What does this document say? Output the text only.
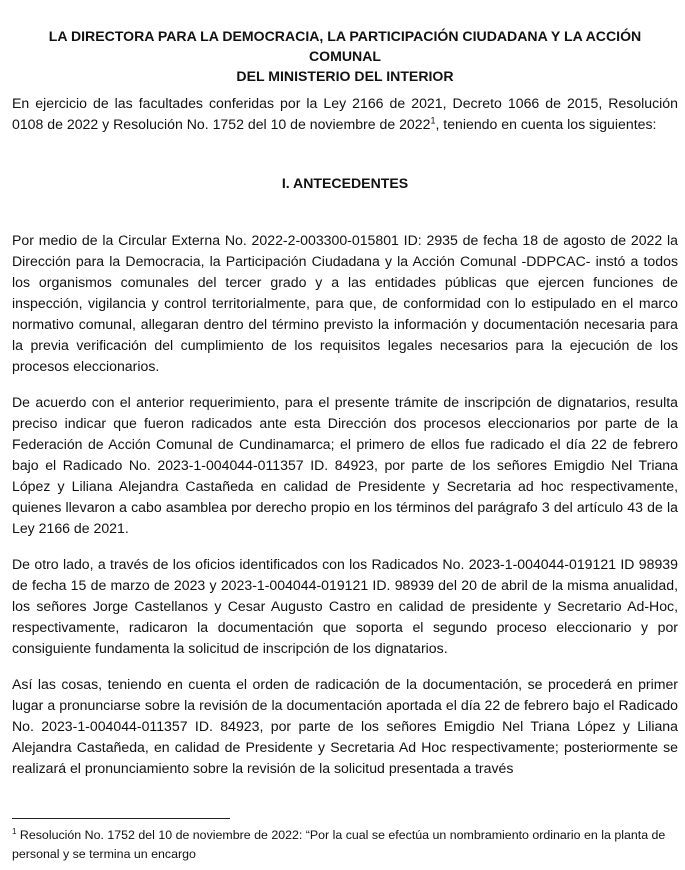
LA DIRECTORA PARA LA DEMOCRACIA, LA PARTICIPACIÓN CIUDADANA Y LA ACCIÓN COMUNAL

DEL MINISTERIO DEL INTERIOR

En ejercicio de las facultades conferidas por la Ley 2166 de 2021, Decreto 1066 de 2015, Resolución 0108 de 2022 y Resolución No. 1752 del 10 de noviembre de 2022$^1$, teniendo en cuenta los siguientes:

I. ANTECEDENTES

Por medio de la Circular Externa No. 2022-2-003300-015801 ID: 2935 de fecha 18 de agosto de 2022 la Dirección para la Democracia, la Participación Ciudadana y la Acción Comunal -DDPCAC- instó a todos los organismos comunales del tercer grado y a las entidades públicas que ejercen funciones de inspección, vigilancia y control territorialmente, para que, de conformidad con lo estipulado en el marco normativo comunal, allegaran dentro del término previsto la información y documentación necesaria para la previa verificación del cumplimiento de los requisitos legales necesarios para la ejecución de los procesos eleccionarios.

De acuerdo con el anterior requerimiento, para el presente trámite de inscripción de dignatarios, resulta preciso indicar que fueron radicados ante esta Dirección dos procesos eleccionarios por parte de la Federación de Acción Comunal de Cundinamarca; el primero de ellos fue radicado el día 22 de febrero bajo el Radicado No. 2023-1-004044-011357 ID. 84923, por parte de los señores Emigdio Nel Triana López y Liliana Alejandra Castañeda en calidad de Presidente y Secretaria ad hoc respectivamente, quienes llevaron a cabo asamblea por derecho propio en los términos del parágrafo 3 del artículo 43 de la Ley 2166 de 2021.

De otro lado, a través de los oficios identificados con los Radicados No. 2023-1-004044-019121 ID 98939 de fecha 15 de marzo de 2023 y 2023-1-004044-019121 ID. 98939 del 20 de abril de la misma anualidad, los señores Jorge Castellanos y Cesar Augusto Castro en calidad de presidente y Secretario Ad-Hoc, respectivamente, radicaron la documentación que soporta el segundo proceso eleccionario y por consiguiente fundamenta la solicitud de inscripción de los dignatarios.

Así las cosas, teniendo en cuenta el orden de radicación de la documentación, se procederá en primer lugar a pronunciarse sobre la revisión de la documentación aportada el día 22 de febrero bajo el Radicado No. 2023-1-004044-011357 ID. 84923, por parte de los señores Emigdio Nel Triana López y Liliana Alejandra Castañeda, en calidad de Presidente y Secretaria Ad Hoc respectivamente; posteriormente se realizará el pronunciamiento sobre la revisión de la solicitud presentada a través

$^1$ Resolución No. 1752 del 10 de noviembre de 2022: “Por la cual se efectúa un nombramiento ordinario en la planta de personal y se termina un encargo
